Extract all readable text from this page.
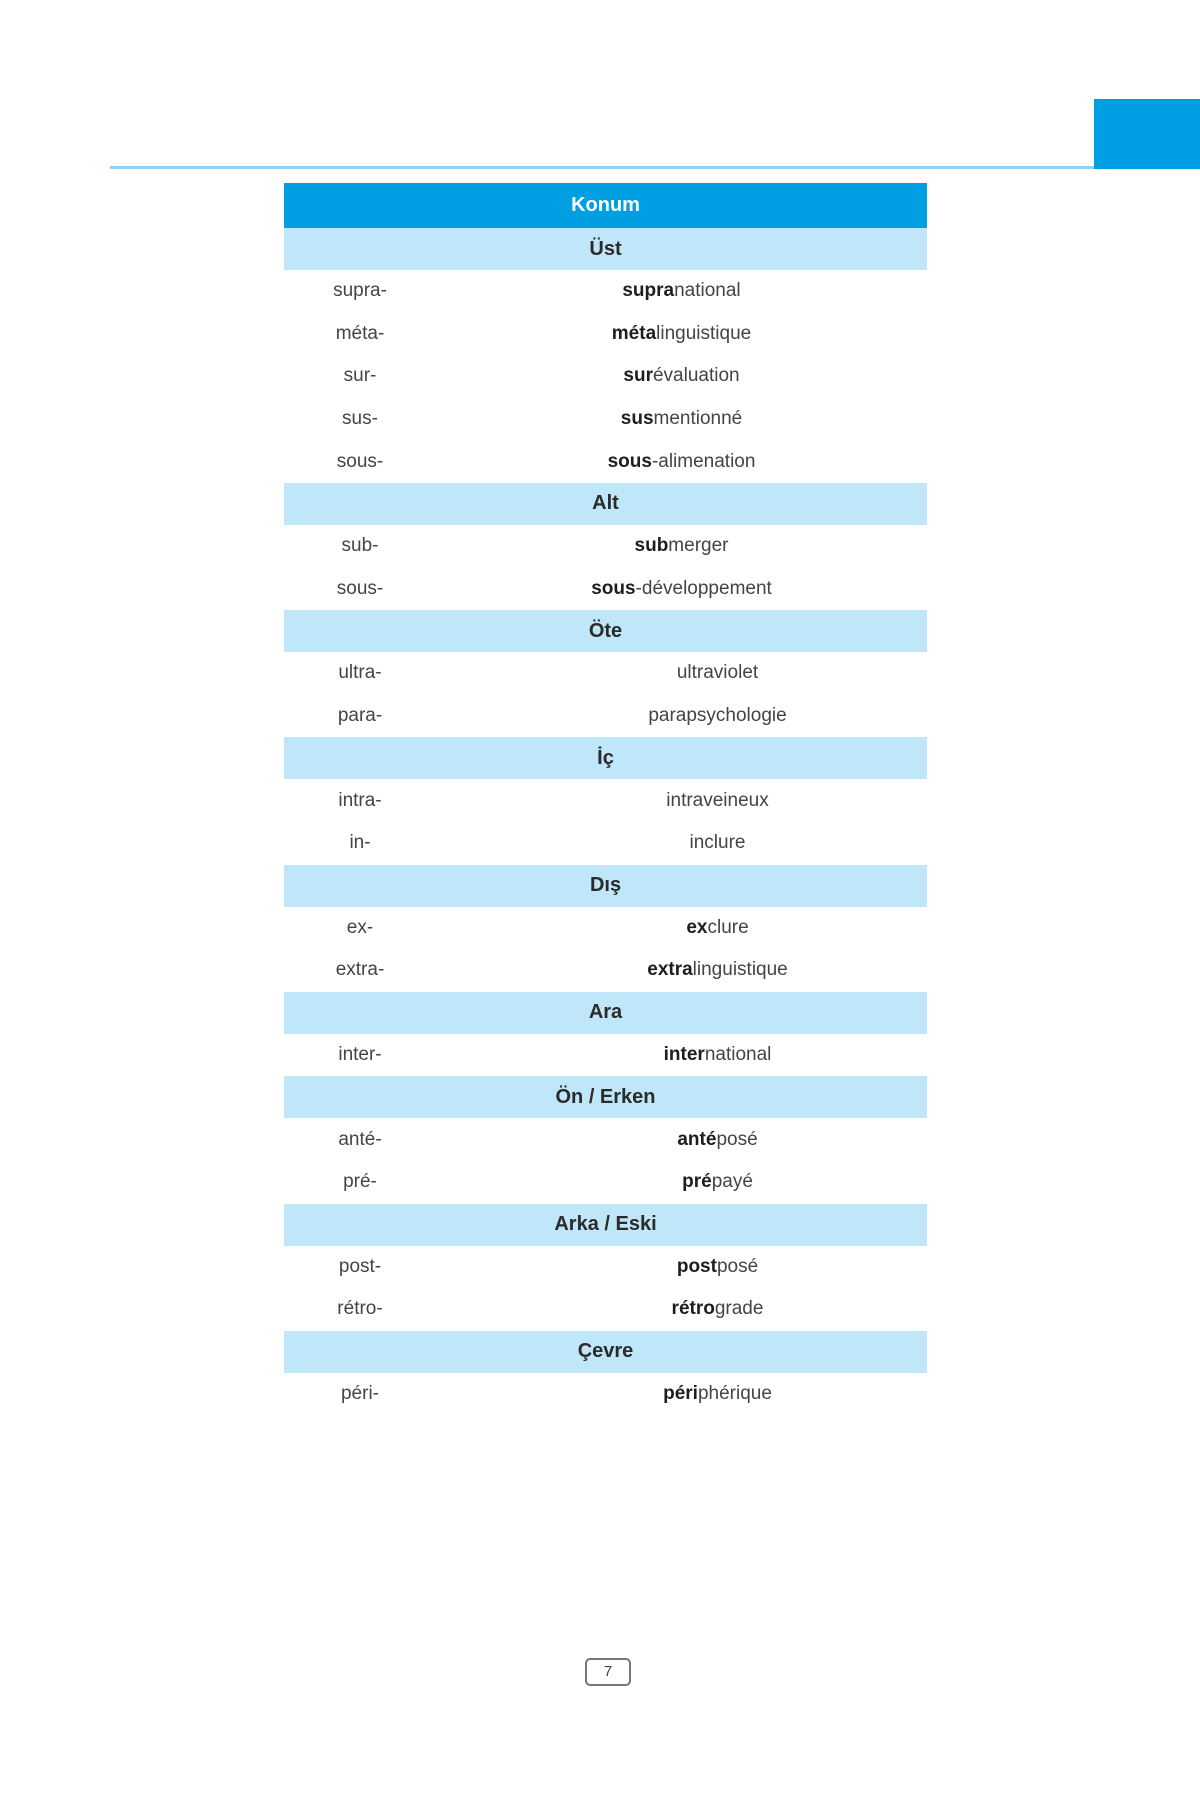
Konum	
Üst	
supra-	supranational
méta-	métalinguistique
sur-	surévaluation
sus-	susmentionné
sous-	sous-alimenation
Alt	
sub-	submerger
sous-	sous-développement
Öte	
ultra-	ultraviolet
para-	parapsychologie
İç	
intra-	intraveineux
in-	inclure
Dış	
ex-	exclure
extra-	extralinguistique
Ara	
inter-	international
Ön / Erken	
anté-	antéposé
pré-	prépayé
Arka / Eski	
post-	postposé
rétro-	rétrograde
Çevre	
péri-	périphérique
7
